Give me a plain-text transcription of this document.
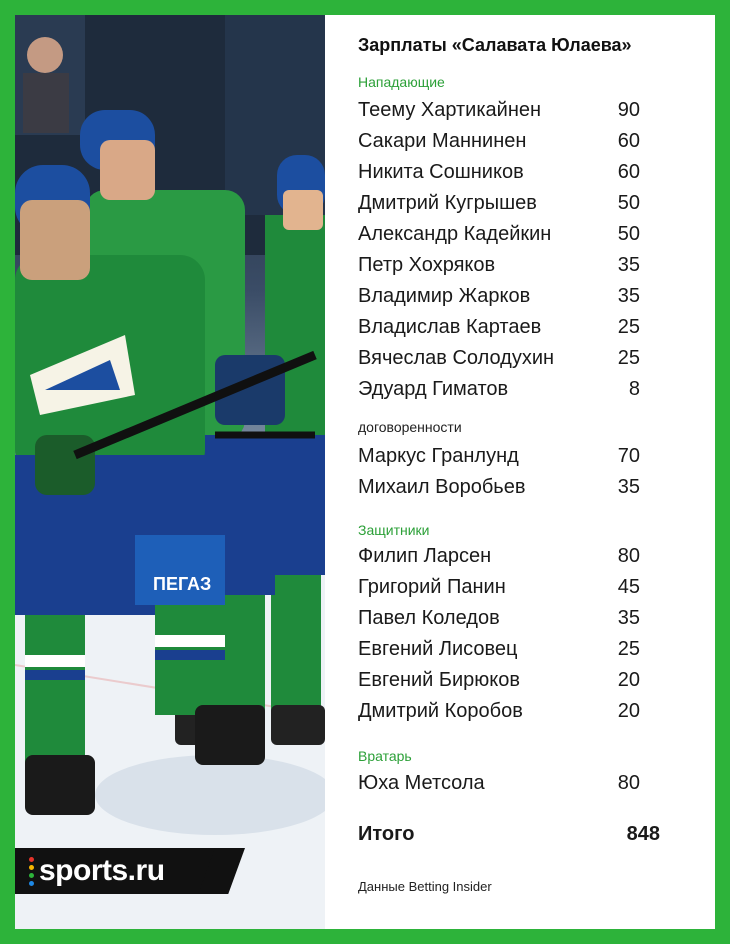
ПЕГАЗ
sports.ru
Зарплаты «Салавата Юлаева»
Нападающие
Теему Хартикайнен	90
Сакари Маннинен	60
Никита Сошников	60
Дмитрий Кугрышев	50
Александр Кадейкин	50
Петр Хохряков	35
Владимир Жарков	35
Владислав Картаев	25
Вячеслав Солодухин	25
Эдуард Гиматов	8
договоренности
Маркус Гранлунд	70
Михаил Воробьев	35
Защитники
Филип Ларсен	80
Григорий Панин	45
Павел Коледов	35
Евгений Лисовец	25
Евгений Бирюков	20
Дмитрий Коробов	20
Вратарь
Юха Метсола	80
Итого	848
Данные Betting Insider
